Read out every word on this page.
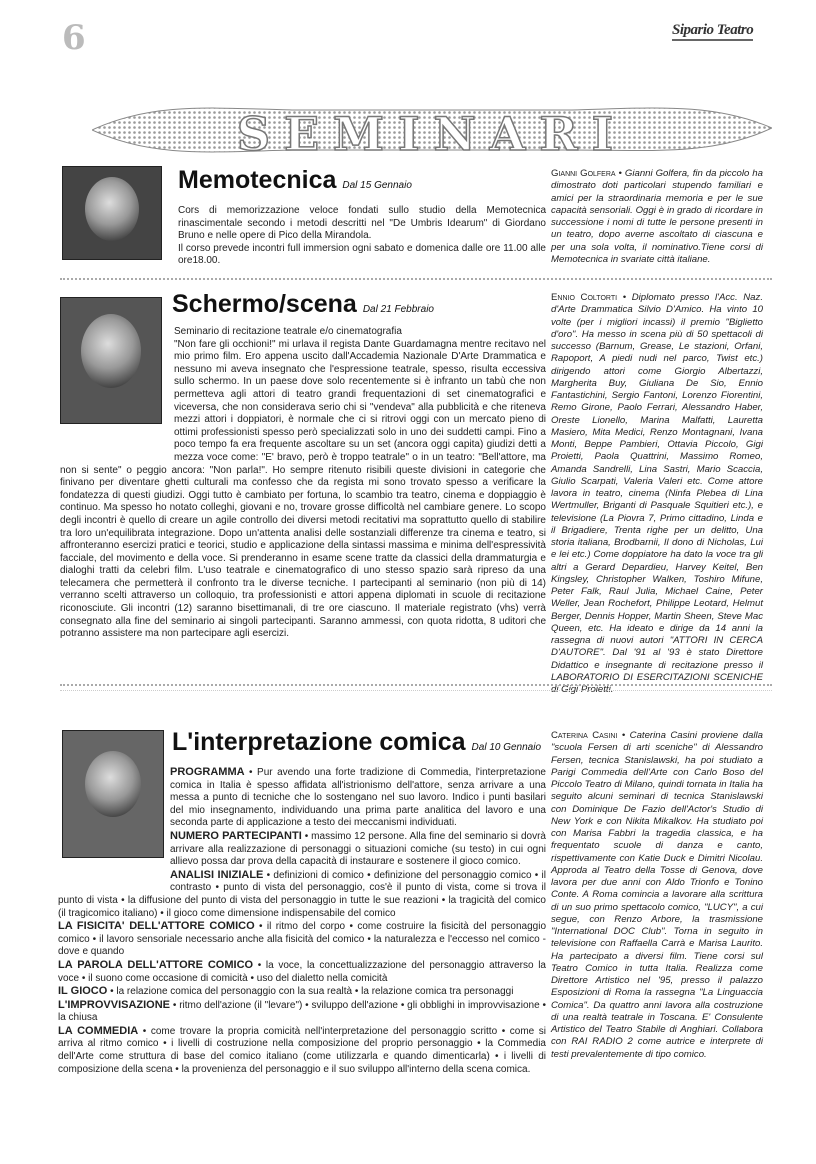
6	Sipario Teatro
SEMINARI
Memotecnica Dal 15 Gennaio

Cors di memorizzazione veloce fondati sullo studio della Memotecnica rinascimentale secondo i metodi descritti nel "De Umbris Idearum" di Giordano Bruno e nelle opere di Pico della Mirandola.

Il corso prevede incontri full immersion ogni sabato e domenica dalle ore 11.00 alle ore18.00.

Gianni Golfera • Gianni Golfera, fin da piccolo ha dimostrato doti particolari stupendo familiari e amici per la straordinaria memoria e per le sue capacità sensoriali. Oggi è in grado di ricordare in successione i nomi di tutte le persone presenti in un teatro, dopo averne ascoltato di ciascuna e per una sola volta, il nominativo.Tiene corsi di Memotecnica in svariate città italiane.
Schermo/scena Dal 21 Febbraio

Seminario di recitazione teatrale e/o cinematografia

"Non fare gli occhioni!" mi urlava il regista Dante Guardamagna mentre recitavo nel mio primo film. Ero appena uscito dall'Accademia Nazionale D'Arte Drammatica e nessuno mi aveva insegnato che l'espressione teatrale, spesso, risulta eccessiva sullo schermo. In un paese dove solo recentemente si è infranto un tabù che non permetteva agli attori di teatro grandi frequentazioni di set cinematografici e viceversa, che non considerava serio chi si "vendeva" alla pubblicità e che riteneva mezzi attori i doppiatori, è normale che ci si ritrovi oggi con un mercato pieno di ottimi professionisti spesso però specializzati solo in uno dei suddetti campi. Fino a poco tempo fa era frequente ascoltare su un set (ancora oggi capita) giudizi detti a mezza voce come: "E' bravo, però è troppo teatrale" o in un teatro: "Bell'attore, ma non si sente" o peggio ancora: "Non parla!". Ho sempre ritenuto risibili queste divisioni in categorie che finivano per diventare ghetti culturali ma confesso che da regista mi sono trovato spesso a verificare la fondatezza di questi giudizi. Oggi tutto è cambiato per fortuna, lo scambio tra teatro, cinema e doppiaggio è continuo. Ma spesso ho notato colleghi, giovani e no, trovare grosse difficoltà nel cambiare genere. Lo scopo degli incontri è quello di creare un agile controllo dei diversi metodi recitativi ma soprattutto quello di stabilire tra loro un'equilibrata integrazione. Dopo un'attenta analisi delle sostanziali differenze tra cinema e teatro, si affronteranno esercizi pratici e teorici, studio e applicazione della sintassi massima e minima dell'espressività facciale, del movimento e della voce. Si prenderanno in esame scene tratte da classici della drammaturgia e dialoghi tratti da celebri film. L'uso teatrale e cinematografico di uno stesso spazio sarà ripreso da una telecamera che permetterà il confronto tra le diverse tecniche. I partecipanti al seminario (non più di 14) verranno scelti attraverso un colloquio, tra professionisti e attori appena diplomati in scuole di recitazione riconosciute. Gli incontri (12) saranno bisettimanali, di tre ore ciascuno. Il materiale registrato (vhs) verrà consegnato alla fine del seminario ai singoli partecipanti. Saranno ammessi, con quota ridotta, 8 uditori che potranno assistere ma non partecipare agli esercizi.

Ennio Coltorti • Diplomato presso l'Acc. Naz. d'Arte Drammatica Silvio D'Amico. Ha vinto 10 volte (per i migliori incassi) il premio "Biglietto d'oro". Ha messo in scena più di 50 spettacoli di successo (Barnum, Grease, Le stazioni, Orfani, Rapoport, A piedi nudi nel parco, Twist etc.) dirigendo attori come Giorgio Albertazzi, Margherita Buy, Giuliana De Sio, Ennio Fantastichini, Sergio Fantoni, Lorenzo Fiorentini, Remo Girone, Paolo Ferrari, Alessandro Haber, Oreste Lionello, Marina Malfatti, Lauretta Masiero, Mita Medici, Renzo Montagnani, Ivana Monti, Beppe Pambieri, Ottavia Piccolo, Gigi Proietti, Paola Quattrini, Massimo Romeo, Amanda Sandrelli, Lina Sastri, Mario Scaccia, Giulio Scarpati, Valeria Valeri etc. Come attore lavora in teatro, cinema (Ninfa Plebea di Lina Wertmuller, Briganti di Pasquale Squitieri etc.), e televisione (La Piovra 7, Primo cittadino, Linda e il Brigadiere, Trenta righe per un delitto, Una storia italiana, Brodbarnii, Il dono di Nicholas, Lui e lei etc.) Come doppiatore ha dato la voce tra gli altri a Gerard Depardieu, Harvey Keitel, Ben Kingsley, Christopher Walken, Toshiro Mifune, Peter Falk, Raul Julia, Michael Caine, Peter Weller, Jean Rochefort, Philippe Leotard, Helmut Berger, Dennis Hopper, Martin Sheen, Steve Mac Queen, etc. Ha ideato e dirige da 14 anni la rassegna di nuovi autori "ATTORI IN CERCA D'AUTORE". Dal '91 al '93 è stato Direttore Didattico e insegnante di recitazione presso il LABORATORIO DI ESERCITAZIONI SCENICHE di Gigi Proietti.
L'interpretazione comica Dal 10 Gennaio

PROGRAMMA • Pur avendo una forte tradizione di Commedia, l'interpretazione comica in Italia è spesso affidata all'istrionismo dell'attore, senza arrivare a una messa a punto di tecniche che lo sostengano nel suo lavoro. Indico i punti basilari del mio insegnamento, individuando una prima parte analitica del lavoro e una seconda parte di applicazione a testo dei meccanismi individuati.

NUMERO PARTECIPANTI • massimo 12 persone. Alla fine del seminario si dovrà arrivare alla realizzazione di personaggi o situazioni comiche (su testo) in cui ogni allievo possa dar prova della capacità di instaurare e sostenere il gioco comico.

ANALISI INIZIALE • definizioni di comico • definizione del personaggio comico • il contrasto • punto di vista del personaggio, cos'è il punto di vista, come si trova il punto di vista • la diffusione del punto di vista del personaggio in tutte le sue reazioni • la tragicità del comico (il tragicomico italiano) • il gioco come dimensione indispensabile del comico

LA FISICITA' DELL'ATTORE COMICO • il ritmo del corpo • come costruire la fisicità del personaggio comico • il lavoro sensoriale necessario anche alla fisicità del comico • la naturalezza e l'eccesso nel comico - dove e quando

LA PAROLA DELL'ATTORE COMICO • la voce, la concettualizzazione del personaggio attraverso la voce • il suono come occasione di comicità • uso del dialetto nella comicità

IL GIOCO • la relazione comica del personaggio con la sua realtà • la relazione comica tra personaggi

L'IMPROVVISAZIONE • ritmo dell'azione (il "levare") • sviluppo dell'azione • gli obblighi in improvvisazione • la chiusa

LA COMMEDIA • come trovare la propria comicità nell'interpretazione del personaggio scritto • come si arriva al ritmo comico • i livelli di costruzione nella composizione del proprio personaggio • la Commedia dell'Arte come struttura di base del comico italiano (come utilizzarla e quando dimenticarla) • i livelli di composizione della scena • la provenienza del personaggio e il suo sviluppo all'interno della scena comica.

Caterina Casini • Caterina Casini proviene dalla "scuola Fersen di arti sceniche" di Alessandro Fersen, tecnica Stanislawski, ha poi studiato a Parigi Commedia dell'Arte con Carlo Boso del Piccolo Teatro di Milano, quindi tornata in Italia ha seguito alcuni seminari di tecnica Stanislawski con Dominique De Fazio dell'Actor's Studio di New York e con Nikita Mikalkov. Ha studiato poi con Marisa Fabbri la tragedia classica, e ha frequentato scuole di danza e canto, rispettivamente con Katie Duck e Dimitri Nicolau. Approda al Teatro della Tosse di Genova, dove lavora per due anni con Aldo Trionfo e Tonino Conte. A Roma comincia a lavorare alla scrittura di un suo primo spettacolo comico, "LUCY", a cui segue, con Renzo Arbore, la trasmissione "International DOC Club". Torna in seguito in televisione con Raffaella Carrà e Marisa Laurito. Ha partecipato a diversi film. Tiene corsi sul Teatro Comico in tutta Italia. Realizza come Direttore Artistico nel '95, presso il palazzo Esposizioni di Roma la rassegna "La Linguaccia Comica". Da quattro anni lavora alla costruzione di una realtà teatrale in Toscana. E' Consulente Artistico del Teatro Stabile di Anghiari. Collabora con RAI RADIO 2 come autrice e interprete di testi prevalentemente di tipo comico.
